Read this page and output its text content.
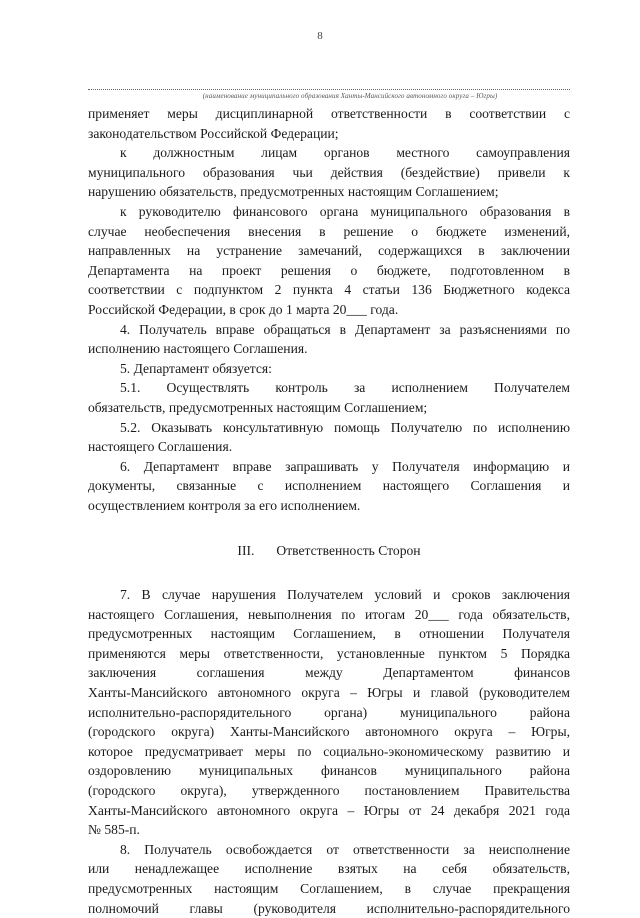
8
(наименование муниципального образования Ханты-Мансийского автономного округа – Югры)
применяет меры дисциплинарной ответственности в соответствии с
законодательством Российской Федерации;
к должностным лицам органов местного самоуправления
муниципального образования чьи действия (бездействие) привели к
нарушению обязательств, предусмотренных настоящим Соглашением;
к руководителю финансового органа муниципального образования в
случае необеспечения внесения в решение о бюджете изменений,
направленных на устранение замечаний, содержащихся в заключении
Департамента на проект решения о бюджете, подготовленном в
соответствии с подпунктом 2 пункта 4 статьи 136 Бюджетного кодекса
Российской Федерации, в срок до 1 марта 20___ года.
4. Получатель вправе обращаться в Департамент за разъяснениями по
исполнению настоящего Соглашения.
5. Департамент обязуется:
5.1. Осуществлять контроль за исполнением Получателем
обязательств, предусмотренных настоящим Соглашением;
5.2. Оказывать консультативную помощь Получателю по исполнению
настоящего Соглашения.
6. Департамент вправе запрашивать у Получателя информацию и
документы, связанные с исполнением настоящего Соглашения и
осуществлением контроля за его исполнением.
III. Ответственность Сторон
7. В случае нарушения Получателем условий и сроков заключения
настоящего Соглашения, невыполнения по итогам 20___ года обязательств,
предусмотренных настоящим Соглашением, в отношении Получателя
применяются меры ответственности, установленные пунктом 5 Порядка
заключения соглашения между Департаментом финансов
Ханты-Мансийского автономного округа – Югры и главой (руководителем
исполнительно-распорядительного органа) муниципального района
(городского округа) Ханты-Мансийского автономного округа – Югры,
которое предусматривает меры по социально-экономическому развитию и
оздоровлению муниципальных финансов муниципального района
(городского округа), утвержденного постановлением Правительства
Ханты-Мансийского автономного округа – Югры от 24 декабря 2021 года
№ 585-п.
8. Получатель освобождается от ответственности за неисполнение
или ненадлежащее исполнение взятых на себя обязательств,
предусмотренных настоящим Соглашением, в случае прекращения
полномочий главы (руководителя исполнительно-распорядительного
